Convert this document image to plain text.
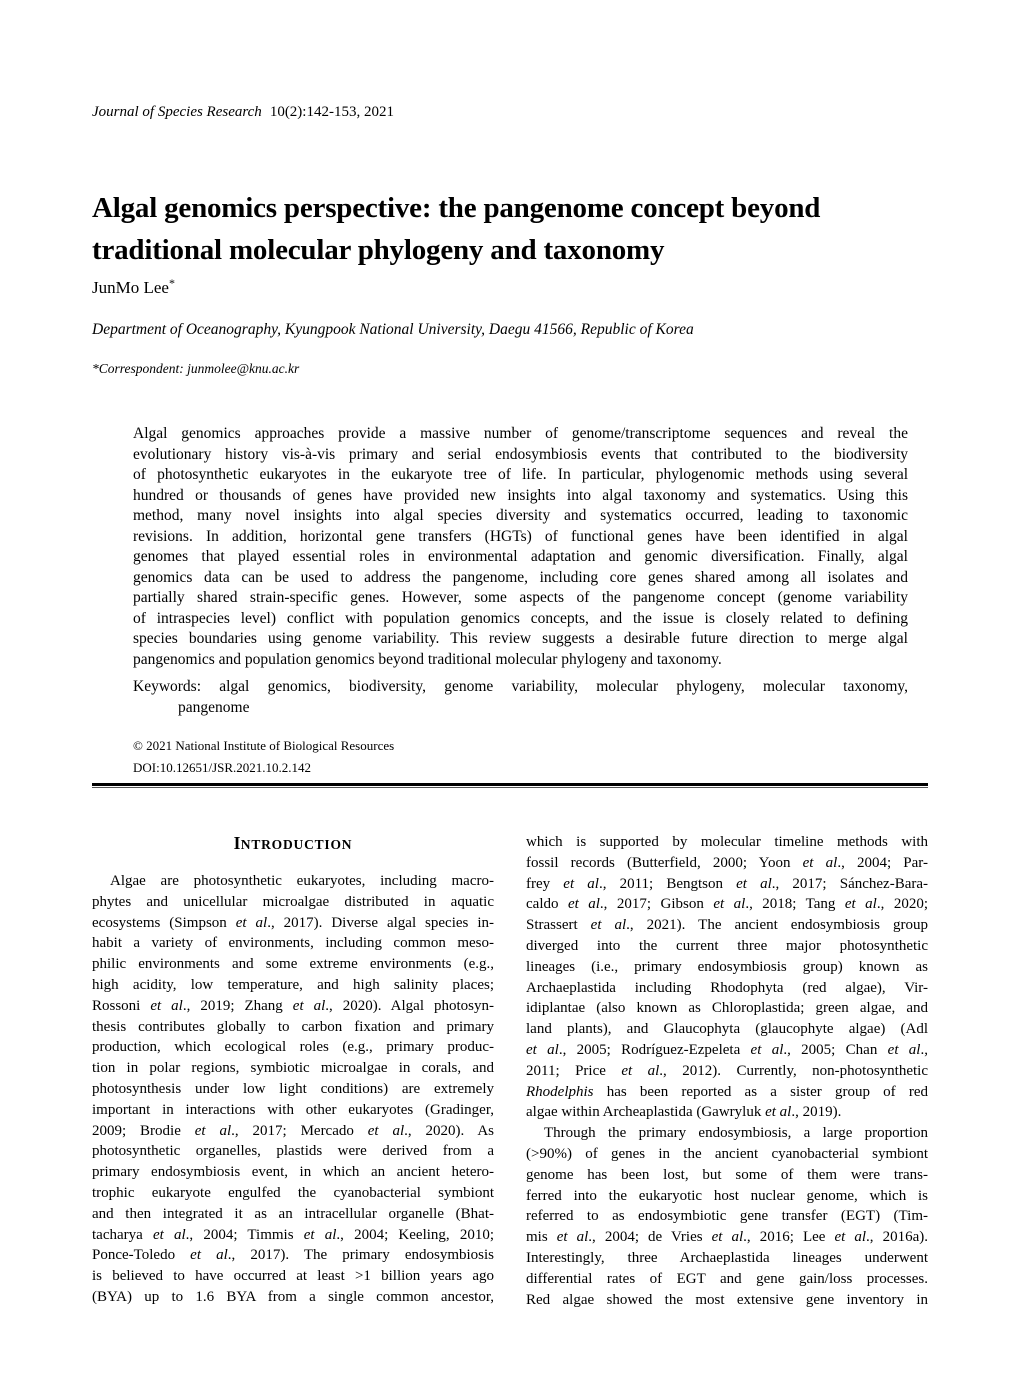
Journal of Species Research 10(2):142-153, 2021
Algal genomics perspective: the pangenome concept beyond
traditional molecular phylogeny and taxonomy
JunMo Lee*
Department of Oceanography, Kyungpook National University, Daegu 41566, Republic of Korea
*Correspondent: junmolee@knu.ac.kr
Algal genomics approaches provide a massive number of genome/transcriptome sequences and reveal the
evolutionary history vis-à-vis primary and serial endosymbiosis events that contributed to the biodiversity
of photosynthetic eukaryotes in the eukaryote tree of life. In particular, phylogenomic methods using several
hundred or thousands of genes have provided new insights into algal taxonomy and systematics. Using this
method, many novel insights into algal species diversity and systematics occurred, leading to taxonomic
revisions. In addition, horizontal gene transfers (HGTs) of functional genes have been identified in algal
genomes that played essential roles in environmental adaptation and genomic diversification. Finally, algal
genomics data can be used to address the pangenome, including core genes shared among all isolates and
partially shared strain-specific genes. However, some aspects of the pangenome concept (genome variability
of intraspecies level) conflict with population genomics concepts, and the issue is closely related to defining
species boundaries using genome variability. This review suggests a desirable future direction to merge algal
pangenomics and population genomics beyond traditional molecular phylogeny and taxonomy.
Keywords: algal genomics, biodiversity, genome variability, molecular phylogeny, molecular taxonomy,
pangenome
© 2021 National Institute of Biological Resources
DOI:10.12651/JSR.2021.10.2.142
INTRODUCTION
Algae are photosynthetic eukaryotes, including macro-
phytes and unicellular microalgae distributed in aquatic
ecosystems (Simpson et al., 2017). Diverse algal species in-
habit a variety of environments, including common meso-
philic environments and some extreme environments (e.g.,
high acidity, low temperature, and high salinity places;
Rossoni et al., 2019; Zhang et al., 2020). Algal photosyn-
thesis contributes globally to carbon fixation and primary
production, which ecological roles (e.g., primary produc-
tion in polar regions, symbiotic microalgae in corals, and
photosynthesis under low light conditions) are extremely
important in interactions with other eukaryotes (Gradinger,
2009; Brodie et al., 2017; Mercado et al., 2020). As
photosynthetic organelles, plastids were derived from a
primary endosymbiosis event, in which an ancient hetero-
trophic eukaryote engulfed the cyanobacterial symbiont
and then integrated it as an intracellular organelle (Bhat-
tacharya et al., 2004; Timmis et al., 2004; Keeling, 2010;
Ponce-Toledo et al., 2017). The primary endosymbiosis
is believed to have occurred at least >1 billion years ago
(BYA) up to 1.6 BYA from a single common ancestor,
which is supported by molecular timeline methods with
fossil records (Butterfield, 2000; Yoon et al., 2004; Par-
frey et al., 2011; Bengtson et al., 2017; Sánchez-Bara-
caldo et al., 2017; Gibson et al., 2018; Tang et al., 2020;
Strassert et al., 2021). The ancient endosymbiosis group
diverged into the current three major photosynthetic
lineages (i.e., primary endosymbiosis group) known as
Archaeplastida including Rhodophyta (red algae), Vir-
idiplantae (also known as Chloroplastida; green algae, and
land plants), and Glaucophyta (glaucophyte algae) (Adl
et al., 2005; Rodríguez-Ezpeleta et al., 2005; Chan et al.,
2011; Price et al., 2012). Currently, non-photosynthetic
Rhodelphis has been reported as a sister group of red
algae within Archeaplastida (Gawryluk et al., 2019).
Through the primary endosymbiosis, a large proportion
(>90%) of genes in the ancient cyanobacterial symbiont
genome has been lost, but some of them were trans-
ferred into the eukaryotic host nuclear genome, which is
referred to as endosymbiotic gene transfer (EGT) (Tim-
mis et al., 2004; de Vries et al., 2016; Lee et al., 2016a).
Interestingly, three Archaeplastida lineages underwent
differential rates of EGT and gene gain/loss processes.
Red algae showed the most extensive gene inventory in
